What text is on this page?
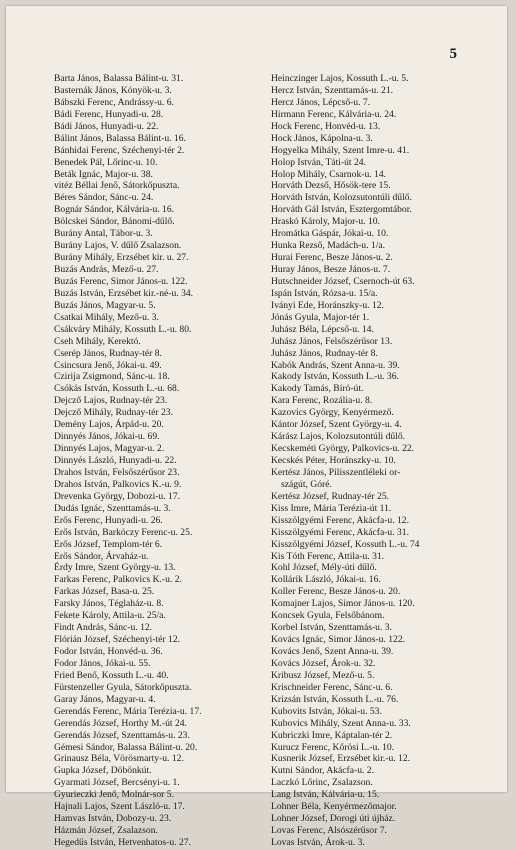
5
Barta János, Balassa Bálint-u. 31.
Basternák János, Kónyök-u. 3.
Bábszki Ferenc, Andrássy-u. 6.
Bádi Ferenc, Hunyadi-u. 28.
Bádi János, Hunyadi-u. 22.
Bálint János, Balassa Bálint-u. 16.
Bánhidai Ferenc, Széchenyi-tér 2.
Benedek Pál, Lőrinc-u. 10.
Beták Ignác, Major-u. 38.
vitéz Béllai Jenő, Sátorkőpuszta.
Béres Sándor, Sánc-u. 24.
Bognár Sándor, Kálvária-u. 16.
Bölcskei Sándor, Bánomi-dűlő.
Burány Antal, Tábor-u. 3.
Burány Lajos, V. dűlő Zsalazson.
Burány Mihály, Erzsébet kir. u. 27.
Buzás András, Mező-u. 27.
Buzás Ferenc, Simor János-u. 122.
Buzás István, Erzsébet kir.-né-u. 34.
Buzás János, Magyar-u. 5.
Csatkai Mihály, Mező-u. 3.
Csákváry Mihály, Kossuth L.-u. 80.
Cseh Mihály, Kerektó.
Cserép János, Rudnay-tér 8.
Csincsura Jenő, Jókai-u. 49.
Czirija Zsigmond, Sánc-u. 18.
Csókás István, Kossuth L.-u. 68.
Dejcző Lajos, Rudnay-tér 23.
Dejcző Mihály, Rudnay-tér 23.
Demény Lajos, Árpád-u. 20.
Dinnyés János, Jókai-u. 69.
Dinnyés Lajos, Magyar-u. 2.
Dinnyés László, Hunyadi-u. 22.
Drahos István, Felsőszérűsor 23.
Drahos István, Palkovics K.-u. 9.
Drevenka György, Dobozi-u. 17.
Dudás Ignác, Szenttamás-u. 3.
Erős Ferenc, Hunyadi-u. 26.
Erős István, Barkóczy Ferenc-u. 25.
Erős József, Templom-tér 6.
Erős Sándor, Árvaház-u.
Érdy Imre, Szent György-u. 13.
Farkas Ferenc, Palkovics K.-u. 2.
Farkas József, Basa-u. 25.
Farsky János, Téglaház-u. 8.
Fekete Károly, Attila-u. 25/a.
Findt András, Sánc-u. 12.
Flórián József, Széchenyi-tér 12.
Fodor István, Honvéd-u. 36.
Fodor János, Jókai-u. 55.
Fried Benő, Kossuth L.-u. 40.
Fürstenzeller Gyula, Sátorkőpuszta.
Garay János, Magyar-u. 4.
Gerendás Ferenc, Mária Terézia-u. 17.
Gerendás József, Horthy M.-út 24.
Gerendás József, Szenttamás-u. 23.
Gémesi Sándor, Balassa Bálint-u. 20.
Grinausz Béla, Vörösmarty-u. 12.
Gupka József, Döbönkút.
Gyarmati József, Bercsényi-u. 1.
Gyurieczki Jenő, Molnár-sor 5.
Hajnali Lajos, Szent László-u. 17.
Hamvas István, Dobozy-u. 23.
Házmán József, Zsalazson.
Hegedűs István, Hetvenhatos-u. 27.
Heinczinger Lajos, Kossuth L.-u. 5.
Hercz István, Szenttamás-u. 21.
Hercz János, Lépcső-u. 7.
Hirmann Ferenc, Kálvária-u. 24.
Hock Ferenc, Honvéd-u. 13.
Hock János, Kápolna-u. 3.
Hogyelka Mihály, Szent Imre-u. 41.
Holop István, Táti-út 24.
Holop Mihály, Csarnok-u. 14.
Horváth Dezső, Hősök-tere 15.
Horváth István, Kolozsutontúli dűlő.
Horváth Gál István, Esztergomtábor.
Hraskó Károly, Major-u. 10.
Hromátka Gáspár, Jókai-u. 10.
Hunka Rezső, Madách-u. 1/a.
Hurai Ferenc, Besze János-u. 2.
Huray János, Besze János-u. 7.
Hutschneider József, Csernoch-út 63.
Ispán István, Rózsa-u. 15/a.
Iványi Ede, Horánszky-u. 12.
Jónás Gyula, Major-tér 1.
Juhász Béla, Lépcső-u. 14.
Juhász János, Felsőszérűsor 13.
Juhász János, Rudnay-tér 8.
Kabók András, Szent Anna-u. 39.
Kakody István, Kossuth L.-u. 36.
Kakody Tamás, Bíró-út.
Kara Ferenc, Rozália-u. 8.
Kazovics György, Kenyérmező.
Kántor József, Szent György-u. 4.
Kárász Lajos, Kolozsutontúli dűlő.
Kecskeméti György, Palkovics-u. 22.
Kecskés Péter, Horánszky-u. 10.
Kertész János, Pilisszentléleki or-
szágút, Góré.
Kertész József, Rudnay-tér 25.
Kiss Imre, Mária Terézia-út 11.
Kisszölgyémi Ferenc, Akácfa-u. 12.
Kisszölgyémi Ferenc, Akácfa-u. 31.
Kisszölgyémi József, Kossuth L.-u. 74
Kis Tóth Ferenc, Attila-u. 31.
Kohl József, Mély-úti dűlő.
Kollárik László, Jókai-u. 16.
Koller Ferenc, Besze János-u. 20.
Komajner Lajos, Simor János-u. 120.
Koncsek Gyula, Felsőbánom.
Korbel István, Szenttamás-u. 3.
Kovács Ignác, Simor János-u. 122.
Kovács Jenő, Szent Anna-u. 39.
Kovács József, Árok-u. 32.
Kribusz József, Mező-u. 5.
Krischneider Ferenc, Sánc-u. 6.
Krizsán István, Kossuth L.-u. 76.
Kubovits István, Jókai-u. 53.
Kubovics Mihály, Szent Anna-u. 33.
Kubriczki Imre, Káptalan-tér 2.
Kurucz Ferenc, Kőrösi L.-u. 10.
Kusnerik József, Erzsébet kir.-u. 12.
Kutni Sándor, Akácfa-u. 2.
Laczkó Lőrinc, Zsalazson.
Lang István, Kálvária-u. 15.
Lohner Béla, Kenyérmezőmajor.
Lohner József, Dorogi úti újház.
Lovas Ferenc, Alsószérűsor 7.
Lovas István, Árok-u. 3.
